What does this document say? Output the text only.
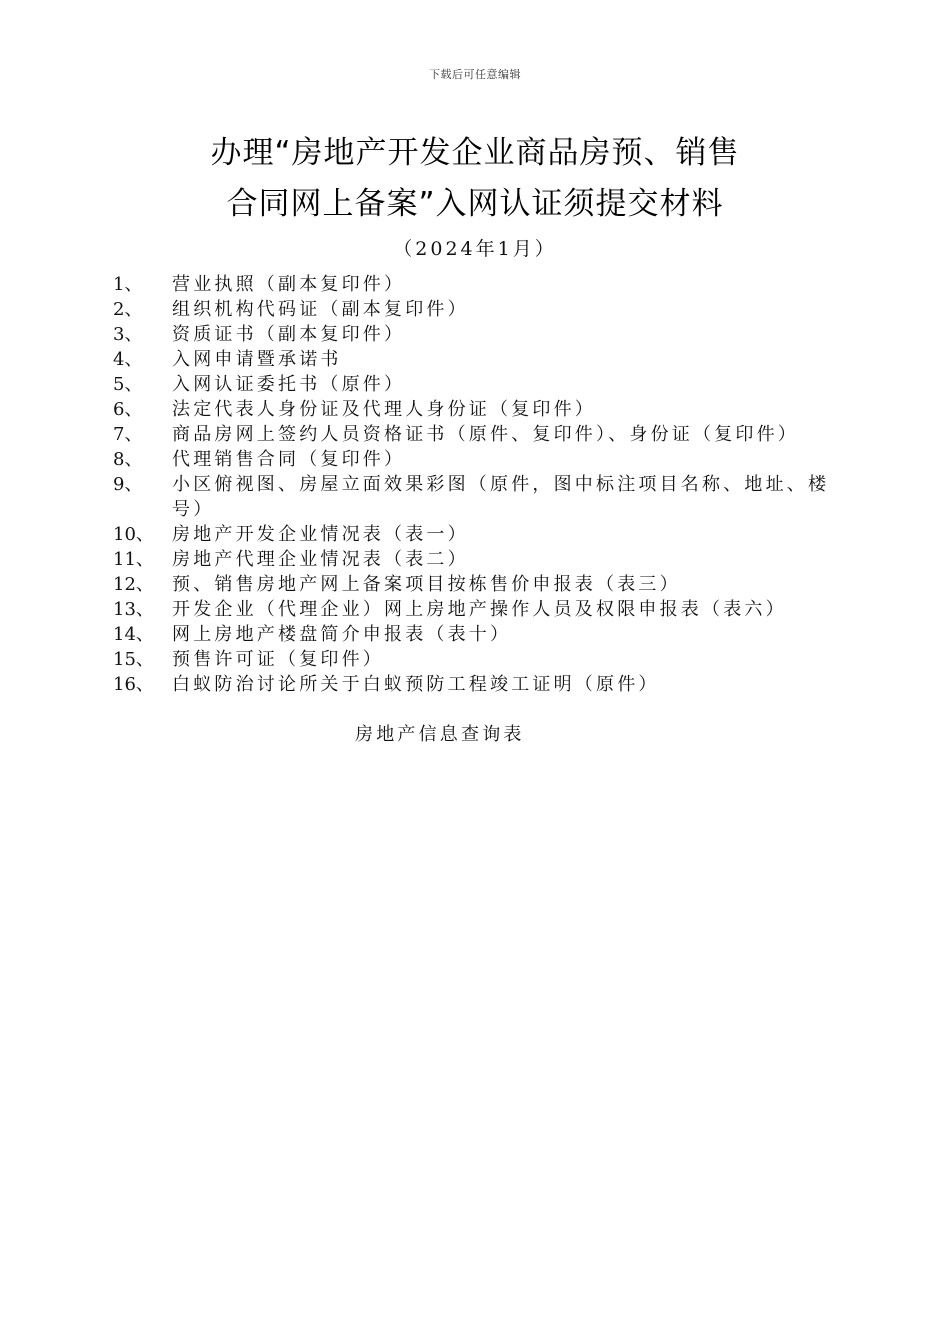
下载后可任意编辑
办理“房地产开发企业商品房预、销售
合同网上备案”入网认证须提交材料
（2024年1月）
1、	营业执照（副本复印件）
2、	组织机构代码证（副本复印件）
3、	资质证书（副本复印件）
4、	入网申请暨承诺书
5、	入网认证委托书（原件）
6、	法定代表人身份证及代理人身份证（复印件）
7、	商品房网上签约人员资格证书（原件、复印件）、身份证（复印件）
8、	代理销售合同（复印件）
9、	小区俯视图、房屋立面效果彩图（原件，图中标注项目名称、地址、楼号）
10、	房地产开发企业情况表（表一）
11、	房地产代理企业情况表（表二）
12、	预、销售房地产网上备案项目按栋售价申报表（表三）
13、	开发企业（代理企业）网上房地产操作人员及权限申报表（表六）
14、	网上房地产楼盘简介申报表（表十）
15、	预售许可证（复印件）
16、	白蚁防治讨论所关于白蚁预防工程竣工证明（原件）
房地产信息查询表
